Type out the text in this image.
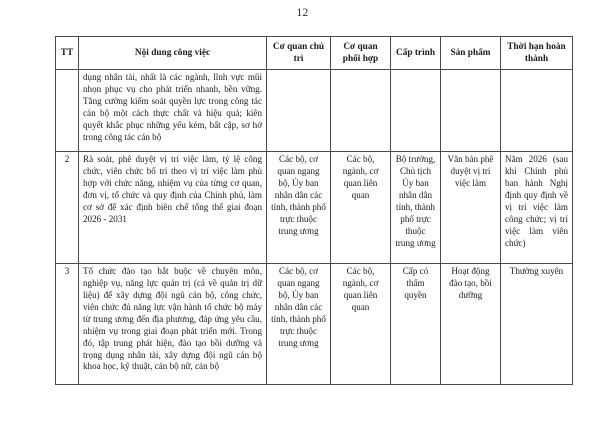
12
TT	Nội dung công việc	Cơ quan chủ trì	Cơ quan phối hợp	Cấp trình	Sản phẩm	Thời hạn hoàn thành
	dụng nhân tài, nhất là các ngành, lĩnh vực mũi nhọn phục vụ cho phát triển nhanh, bền vững. Tăng cường kiểm soát quyền lực trong công tác cán bộ một cách thực chất và hiệu quả; kiên quyết khắc phục những yếu kém, bất cập, sơ hở trong công tác cán bộ					
2	Rà soát, phê duyệt vị trí việc làm, tỷ lệ công chức, viên chức bố trí theo vị trí việc làm phù hợp với chức năng, nhiệm vụ của từng cơ quan, đơn vị, tổ chức và quy định của Chính phủ, làm cơ sở để xác định biên chế tổng thể giai đoạn 2026 - 2031	Các bộ, cơ quan ngang bộ, Ủy ban nhân dân các tỉnh, thành phố trực thuộc trung ương	Các bộ, ngành, cơ quan liên quan	Bộ trưởng, Chủ tịch Ủy ban nhân dân tỉnh, thành phố trực thuộc trung ương	Văn bản phê duyệt vị trí việc làm	Năm 2026 (sau khi Chính phủ ban hành Nghị định quy định về vị trí việc làm công chức; vị trí việc làm viên chức)
3	Tổ chức đào tạo bắt buộc về chuyên môn, nghiệp vụ, năng lực quản trị (cả về quản trị dữ liệu) để xây dựng đội ngũ cán bộ, công chức, viên chức đủ năng lực vận hành tổ chức bộ máy từ trung ương đến địa phương, đáp ứng yêu cầu, nhiệm vụ trong giai đoạn phát triển mới. Trong đó, tập trung phát hiện, đào tạo bồi dưỡng và trọng dụng nhân tài, xây dựng đội ngũ cán bộ khoa học, kỹ thuật, cán bộ nữ, cán bộ	Các bộ, cơ quan ngang bộ, Ủy ban nhân dân các tỉnh, thành phố trực thuộc trung ương	Các bộ, ngành, cơ quan liên quan	Cấp có thẩm quyền	Hoạt động đào tạo, bồi dưỡng	Thường xuyên
